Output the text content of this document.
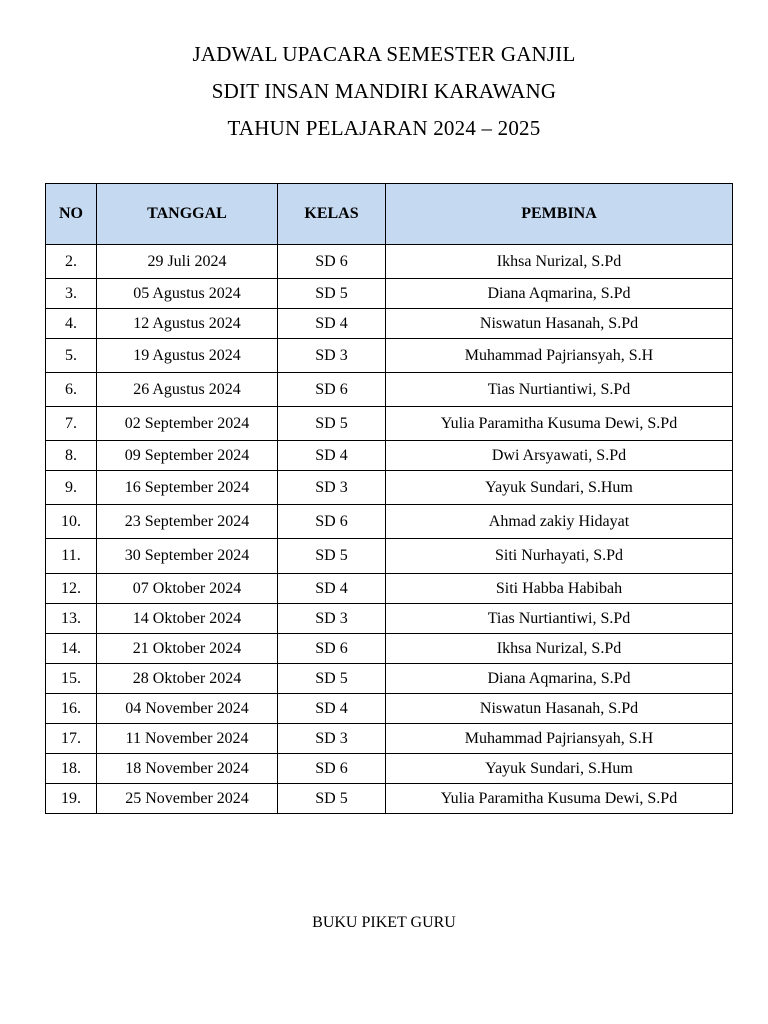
JADWAL UPACARA SEMESTER GANJIL
SDIT INSAN MANDIRI KARAWANG
TAHUN PELAJARAN 2024 – 2025
NO	TANGGAL	KELAS	PEMBINA
2.	29 Juli 2024	SD 6	Ikhsa Nurizal, S.Pd
3.	05 Agustus 2024	SD 5	Diana Aqmarina, S.Pd
4.	12 Agustus 2024	SD 4	Niswatun Hasanah, S.Pd
5.	19 Agustus 2024	SD 3	Muhammad Pajriansyah, S.H
6.	26 Agustus 2024	SD 6	Tias Nurtiantiwi, S.Pd
7.	02 September 2024	SD 5	Yulia Paramitha Kusuma Dewi, S.Pd
8.	09 September 2024	SD 4	Dwi Arsyawati, S.Pd
9.	16 September 2024	SD 3	Yayuk Sundari, S.Hum
10.	23 September 2024	SD 6	Ahmad zakiy Hidayat
11.	30 September 2024	SD 5	Siti Nurhayati, S.Pd
12.	07 Oktober 2024	SD 4	Siti Habba Habibah
13.	14 Oktober 2024	SD 3	Tias Nurtiantiwi, S.Pd
14.	21 Oktober 2024	SD 6	Ikhsa Nurizal, S.Pd
15.	28 Oktober 2024	SD 5	Diana Aqmarina, S.Pd
16.	04 November 2024	SD 4	Niswatun Hasanah, S.Pd
17.	11 November 2024	SD 3	Muhammad Pajriansyah, S.H
18.	18 November 2024	SD 6	Yayuk Sundari, S.Hum
19.	25 November 2024	SD 5	Yulia Paramitha Kusuma Dewi, S.Pd
BUKU PIKET GURU
